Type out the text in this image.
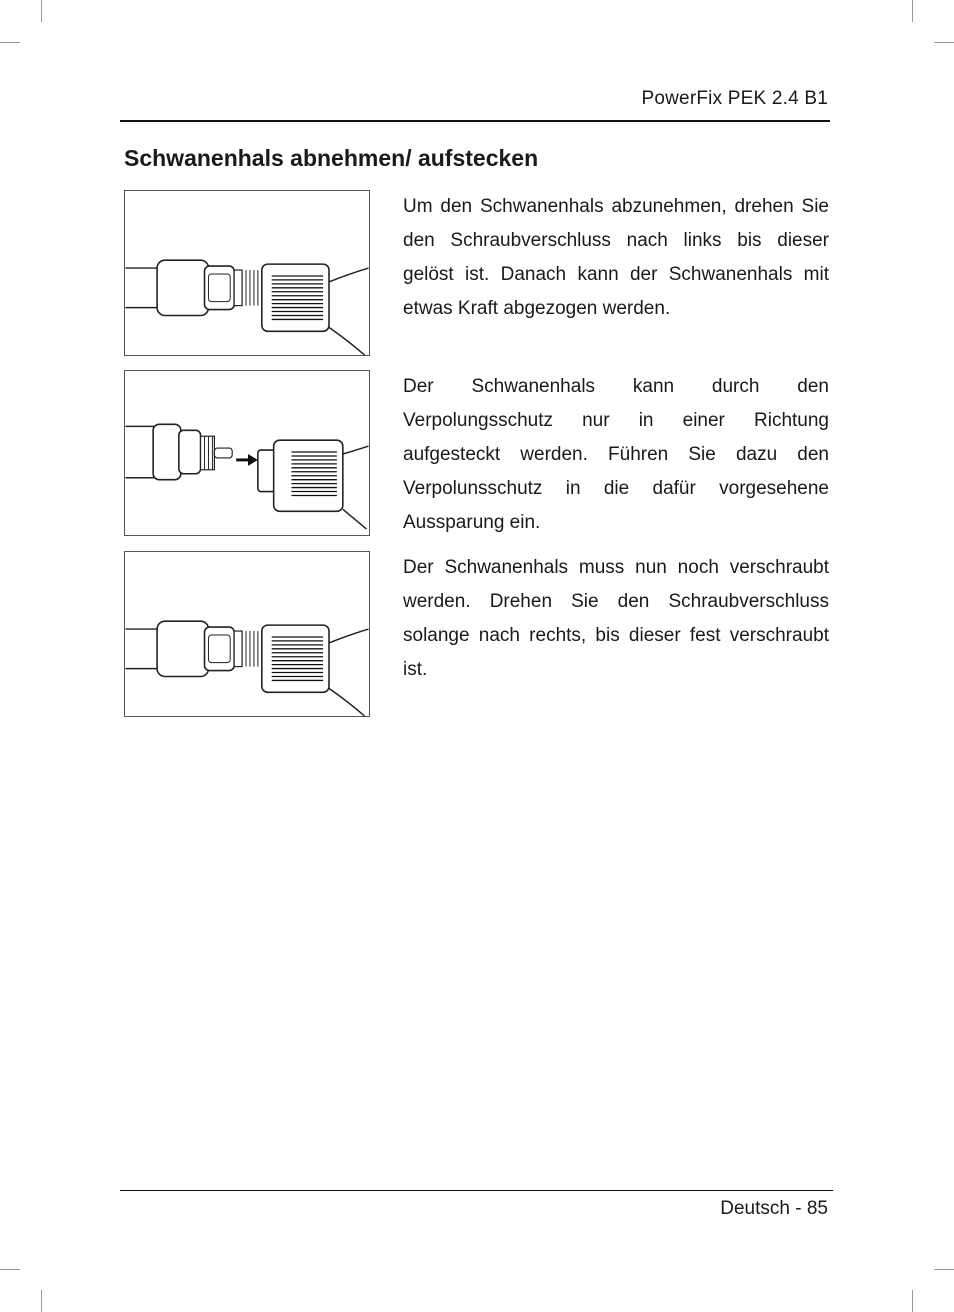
PowerFix PEK 2.4 B1
Schwanenhals abnehmen/ aufstecken

Um den Schwanenhals abzunehmen, drehen Sie den Schraubverschluss nach links bis dieser gelöst ist. Danach kann der Schwanenhals mit etwas Kraft abgezogen werden.

Der Schwanenhals kann durch den Verpolungsschutz nur in einer Richtung aufgesteckt werden. Führen Sie dazu den Verpolunsschutz in die dafür vorgesehene Aussparung ein.

Der Schwanenhals muss nun noch verschraubt werden. Drehen Sie den Schraubverschluss solange nach rechts, bis dieser fest verschraubt ist.

Deutsch - 85
